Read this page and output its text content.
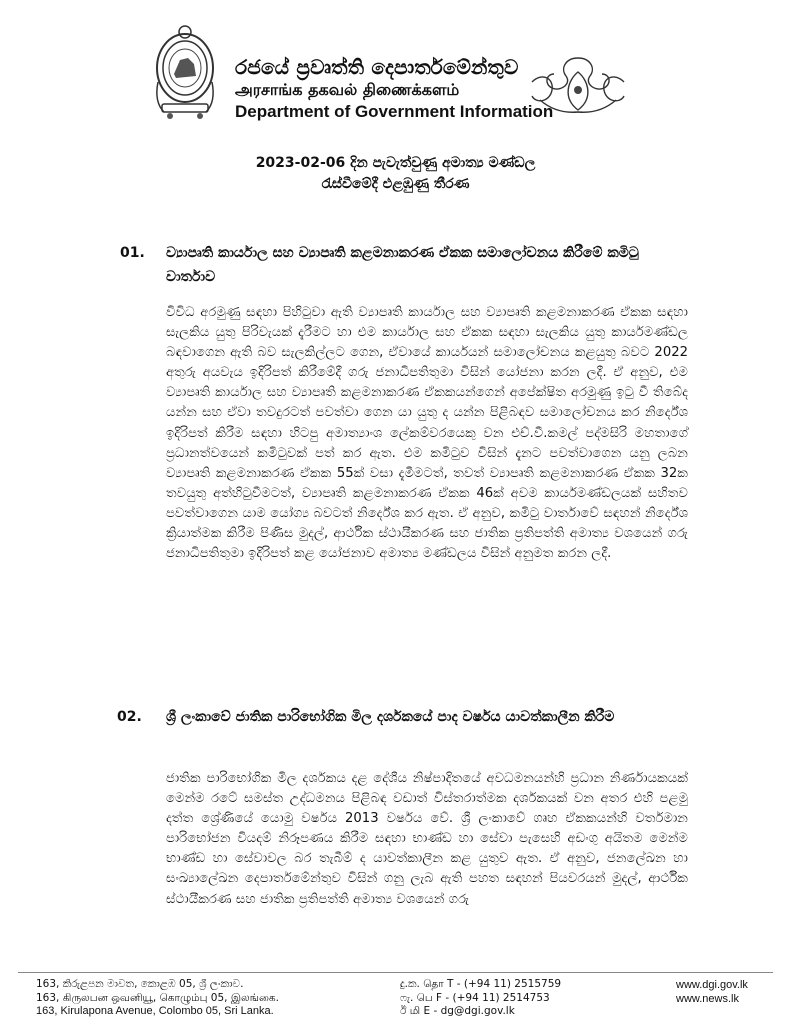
රජයේ ප්‍රවෘත්ති දෙපාර්තමේන්තුව
அரசாங்க தகவல் திணைக்களம்
Department of Government Information
2023-02-06 දින පැවැත්වුණු අමාත්‍ය මණ්ඩල
රැස්වීමේදී එළඹුණු තීරණ
01. ව්‍යාපෘති කාර්යාල සහ ව්‍යාපෘති කළමනාකරණ ඒකක සමාලෝචනය කිරීමේ කමිටු වාර්තාව
විවිධ අරමුණු සඳහා පිහිටුවා ඇති ව්‍යාපෘති කාර්යාල සහ ව්‍යාපෘති කළමනාකරණ ඒකක සඳහා සැලකිය යුතු පිරිවැයක් දැරීමට හා එම කාර්යාල සහ ඒකක සඳහා සැලකිය යුතු කාර්යමණ්ඩල බඳවාගෙන ඇති බව සැලකිල්ලට ගෙන, ඒවායේ කාර්යයන් සමාලෝචනය කළයුතු බවට 2022 අතුරු අයවැය ඉදිරිපත් කිරීමේදී ගරු ජනාධිපතිතුමා විසින් යෝජනා කරන ලදී. ඒ අනුව, එම ව්‍යාපෘති කාර්යාල සහ ව්‍යාපෘති කළමනාකරණ ඒකකයන්ගෙන් අපේක්ෂිත අරමුණු ඉටු වී තිබේද යන්න සහ ඒවා තවදුරටත් පවත්වා ගෙන යා යුතු ද යන්න පිළිබඳව සමාලෝචනය කර නිර්දේශ ඉදිරිපත් කිරීම සඳහා හිටපු අමාත්‍යාංශ ලේකම්වරයෙකු වන එච්.වී.කමල් පද්මසිරි මහතාගේ ප්‍රධානත්වයෙන් කමිටුවක් පත් කර ඇත. එම කමිටුව විසින් දැනට පවත්වාගෙන යනු ලබන ව්‍යාපෘති කළමනාකරණ ඒකක 55ක් වසා දැමීමටත්, තවත් ව්‍යාපෘති කළමනාකරණ ඒකක 32ක තවයුතු අත්හිටුවීමටත්, ව්‍යාපෘති කළමනාකරණ ඒකක 46ක් අවම කාර්යමණ්ඩලයක් සහිතව පවත්වාගෙන යාම යෝග්‍ය බවටත් නිර්දේශ කර ඇත. ඒ අනුව, කමිටු වාර්තාවේ සඳහන් නිර්දේශ ක්‍රියාත්මක කිරීම පිණිස මුදල්, ආර්ථික ස්ථායීකරණ සහ ජාතික ප්‍රතිපත්ති අමාත්‍ය වශයෙන් ගරු ජනාධිපතිතුමා ඉදිරිපත් කළ යෝජනාව අමාත්‍ය මණ්ඩලය විසින් අනුමත කරන ලදී.
02. ශ්‍රී ලංකාවේ ජාතික පාරිභෝගික මිල දර්ශකයේ පාද වර්ෂය යාවත්කාලීන කිරීම
ජාතික පාරිභෝගික මිල දර්ශකය දළ දේශීය නිෂ්පාදිතයේ අවධමනයන්හි ප්‍රධාන නිර්ණායකයක් මෙන්ම රටේ සමස්ත උද්ධමනය පිළිබඳ වඩාත් විස්තරාත්මක දර්ශකයක් වන අතර එහි පළමු දත්ත ශ්‍රේණියේ යොමු වර්ෂය 2013 වර්ෂය වේ. ශ්‍රී ලංකාවේ ගෘහ ඒකකයන්හි වර්තමාන පාරිභෝජන වියදම් නිරූපණය කිරීම සඳහා භාණ්ඩ හා සේවා පැසෙහි අඩංගු අයිතම මෙන්ම භාණ්ඩ හා සේවාවල බර තැබීම් ද යාවත්කාලීන කළ යුතුව ඇත. ඒ අනුව, ජනලේඛන හා සංඛ්‍යාලේඛන දෙපාර්තමේන්තුව විසින් ගනු ලැබ ඇති පහත සඳහන් පියවරයන් මුදල්, ආර්ථික ස්ථායීකරණ සහ ජාතික ප්‍රතිපත්ති අමාත්‍ය වශයෙන් ගරු
163, කිරුළපන මාවත, කොළඹ 05, ශ්‍රී ලංකාව.
163, கிருலபன ஒவனியூ, கொழும்பு 05, இலங்கை.
163, Kirulapona Avenue, Colombo 05, Sri Lanka.
දු.ක. தொ T - (+94 11) 2515759
ෆැ. பெ F - (+94 11) 2514753
ඊ மி E - dg@dgi.gov.lk
www.dgi.gov.lk
www.news.lk
